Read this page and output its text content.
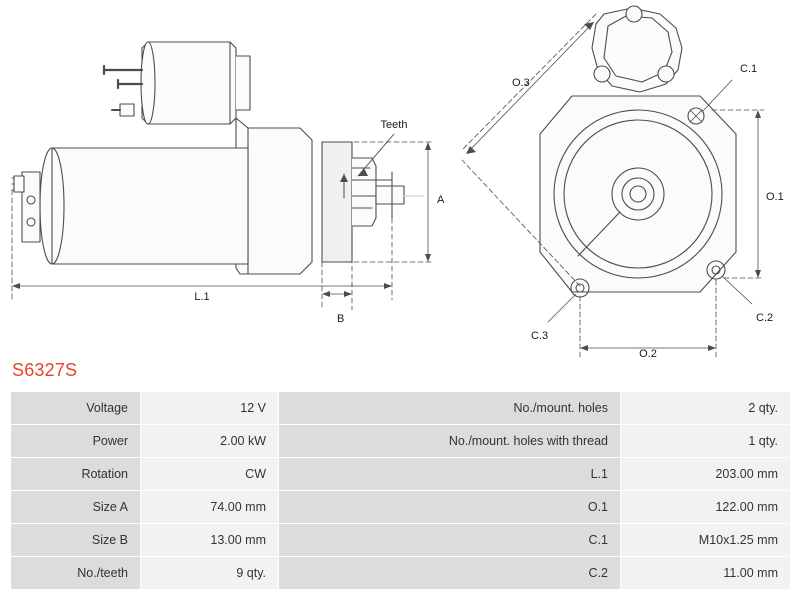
Teeth
A
B
L.1
O.1
O.2
O.3
C.1
C.2
C.3
S6327S
Voltage	12 V	No./mount. holes	2 qty.
Power	2.00 kW	No./mount. holes with thread	1 qty.
Rotation	CW	L.1	203.00 mm
Size A	74.00 mm	O.1	122.00 mm
Size B	13.00 mm	C.1	M10x1.25 mm
No./teeth	9 qty.	C.2	11.00 mm
